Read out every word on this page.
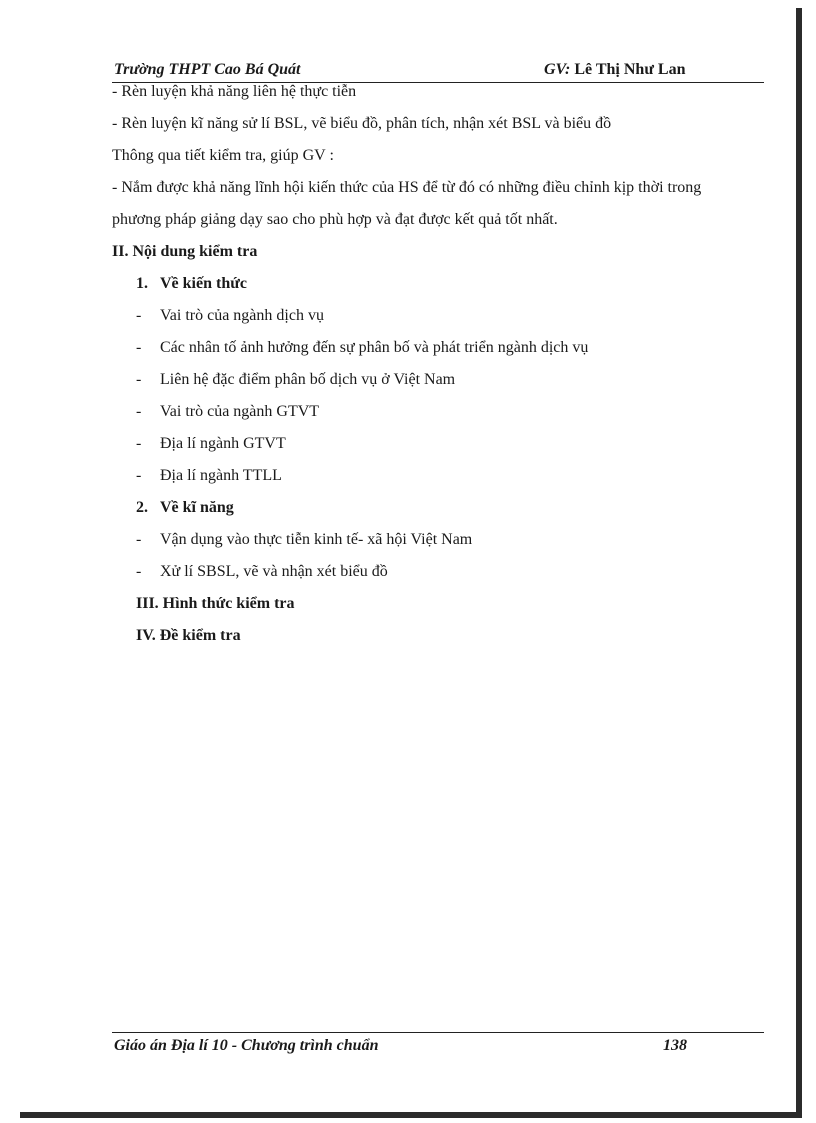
Trường THPT Cao Bá Quát	GV: Lê Thị Như Lan
- Rèn luyện khả năng liên hệ thực tiễn
- Rèn luyện kĩ năng sử lí BSL, vẽ biểu đồ, phân tích, nhận xét BSL và biểu đồ
Thông qua tiết kiểm tra, giúp GV :
- Nắm được khả năng lĩnh hội kiến thức của HS để từ đó có những điều chỉnh kịp thời trong
phương pháp giảng dạy sao cho phù hợp và đạt được kết quả tốt nhất.
II. Nội dung kiểm tra
1. Về kiến thức
- Vai trò của ngành dịch vụ
- Các nhân tố ảnh hưởng đến sự phân bố và phát triển ngành dịch vụ
- Liên hệ đặc điểm phân bố dịch vụ ở Việt Nam
- Vai trò của ngành GTVT
- Địa lí ngành GTVT
- Địa lí ngành TTLL
2. Về kĩ năng
- Vận dụng vào thực tiễn kinh tế- xã hội Việt Nam
- Xử lí SBSL, vẽ và nhận xét biểu đồ
III. Hình thức kiểm tra
IV. Đề kiểm tra
Giáo án Địa lí 10 - Chương trình chuẩn	138
